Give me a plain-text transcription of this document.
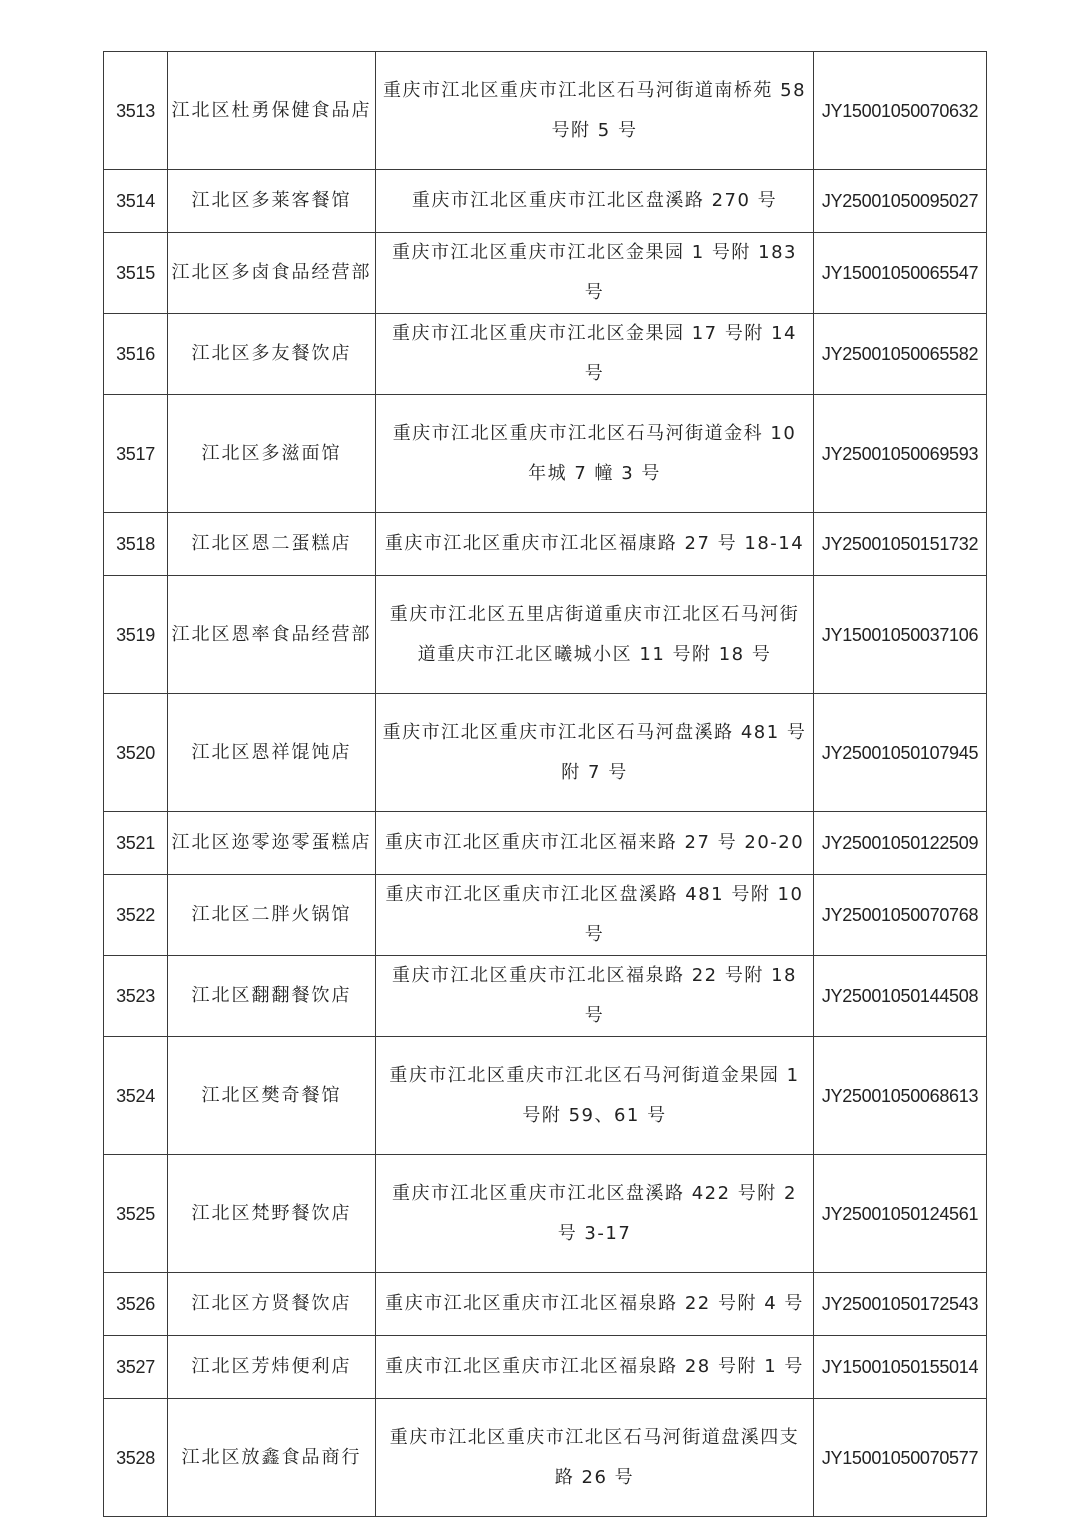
3513	江北区杜勇保健食品店	重庆市江北区重庆市江北区石马河街道南桥苑 58 号附 5 号	JY15001050070632
3514	江北区多莱客餐馆	重庆市江北区重庆市江北区盘溪路 270 号	JY25001050095027
3515	江北区多卤食品经营部	重庆市江北区重庆市江北区金果园 1 号附 183 号	JY15001050065547
3516	江北区多友餐饮店	重庆市江北区重庆市江北区金果园 17 号附 14 号	JY25001050065582
3517	江北区多滋面馆	重庆市江北区重庆市江北区石马河街道金科 10 年城 7 幢 3 号	JY25001050069593
3518	江北区恩二蛋糕店	重庆市江北区重庆市江北区福康路 27 号 18-14	JY25001050151732
3519	江北区恩率食品经营部	重庆市江北区五里店街道重庆市江北区石马河街道重庆市江北区曦城小区 11 号附 18 号	JY15001050037106
3520	江北区恩祥馄饨店	重庆市江北区重庆市江北区石马河盘溪路 481 号附 7 号	JY25001050107945
3521	江北区迩零迩零蛋糕店	重庆市江北区重庆市江北区福来路 27 号 20-20	JY25001050122509
3522	江北区二胖火锅馆	重庆市江北区重庆市江北区盘溪路 481 号附 10 号	JY25001050070768
3523	江北区翻翻餐饮店	重庆市江北区重庆市江北区福泉路 22 号附 18 号	JY25001050144508
3524	江北区樊奇餐馆	重庆市江北区重庆市江北区石马河街道金果园 1 号附 59、61 号	JY25001050068613
3525	江北区梵野餐饮店	重庆市江北区重庆市江北区盘溪路 422 号附 2 号 3-17	JY25001050124561
3526	江北区方贤餐饮店	重庆市江北区重庆市江北区福泉路 22 号附 4 号	JY25001050172543
3527	江北区芳炜便利店	重庆市江北区重庆市江北区福泉路 28 号附 1 号	JY15001050155014
3528	江北区放鑫食品商行	重庆市江北区重庆市江北区石马河街道盘溪四支路 26 号	JY15001050070577
